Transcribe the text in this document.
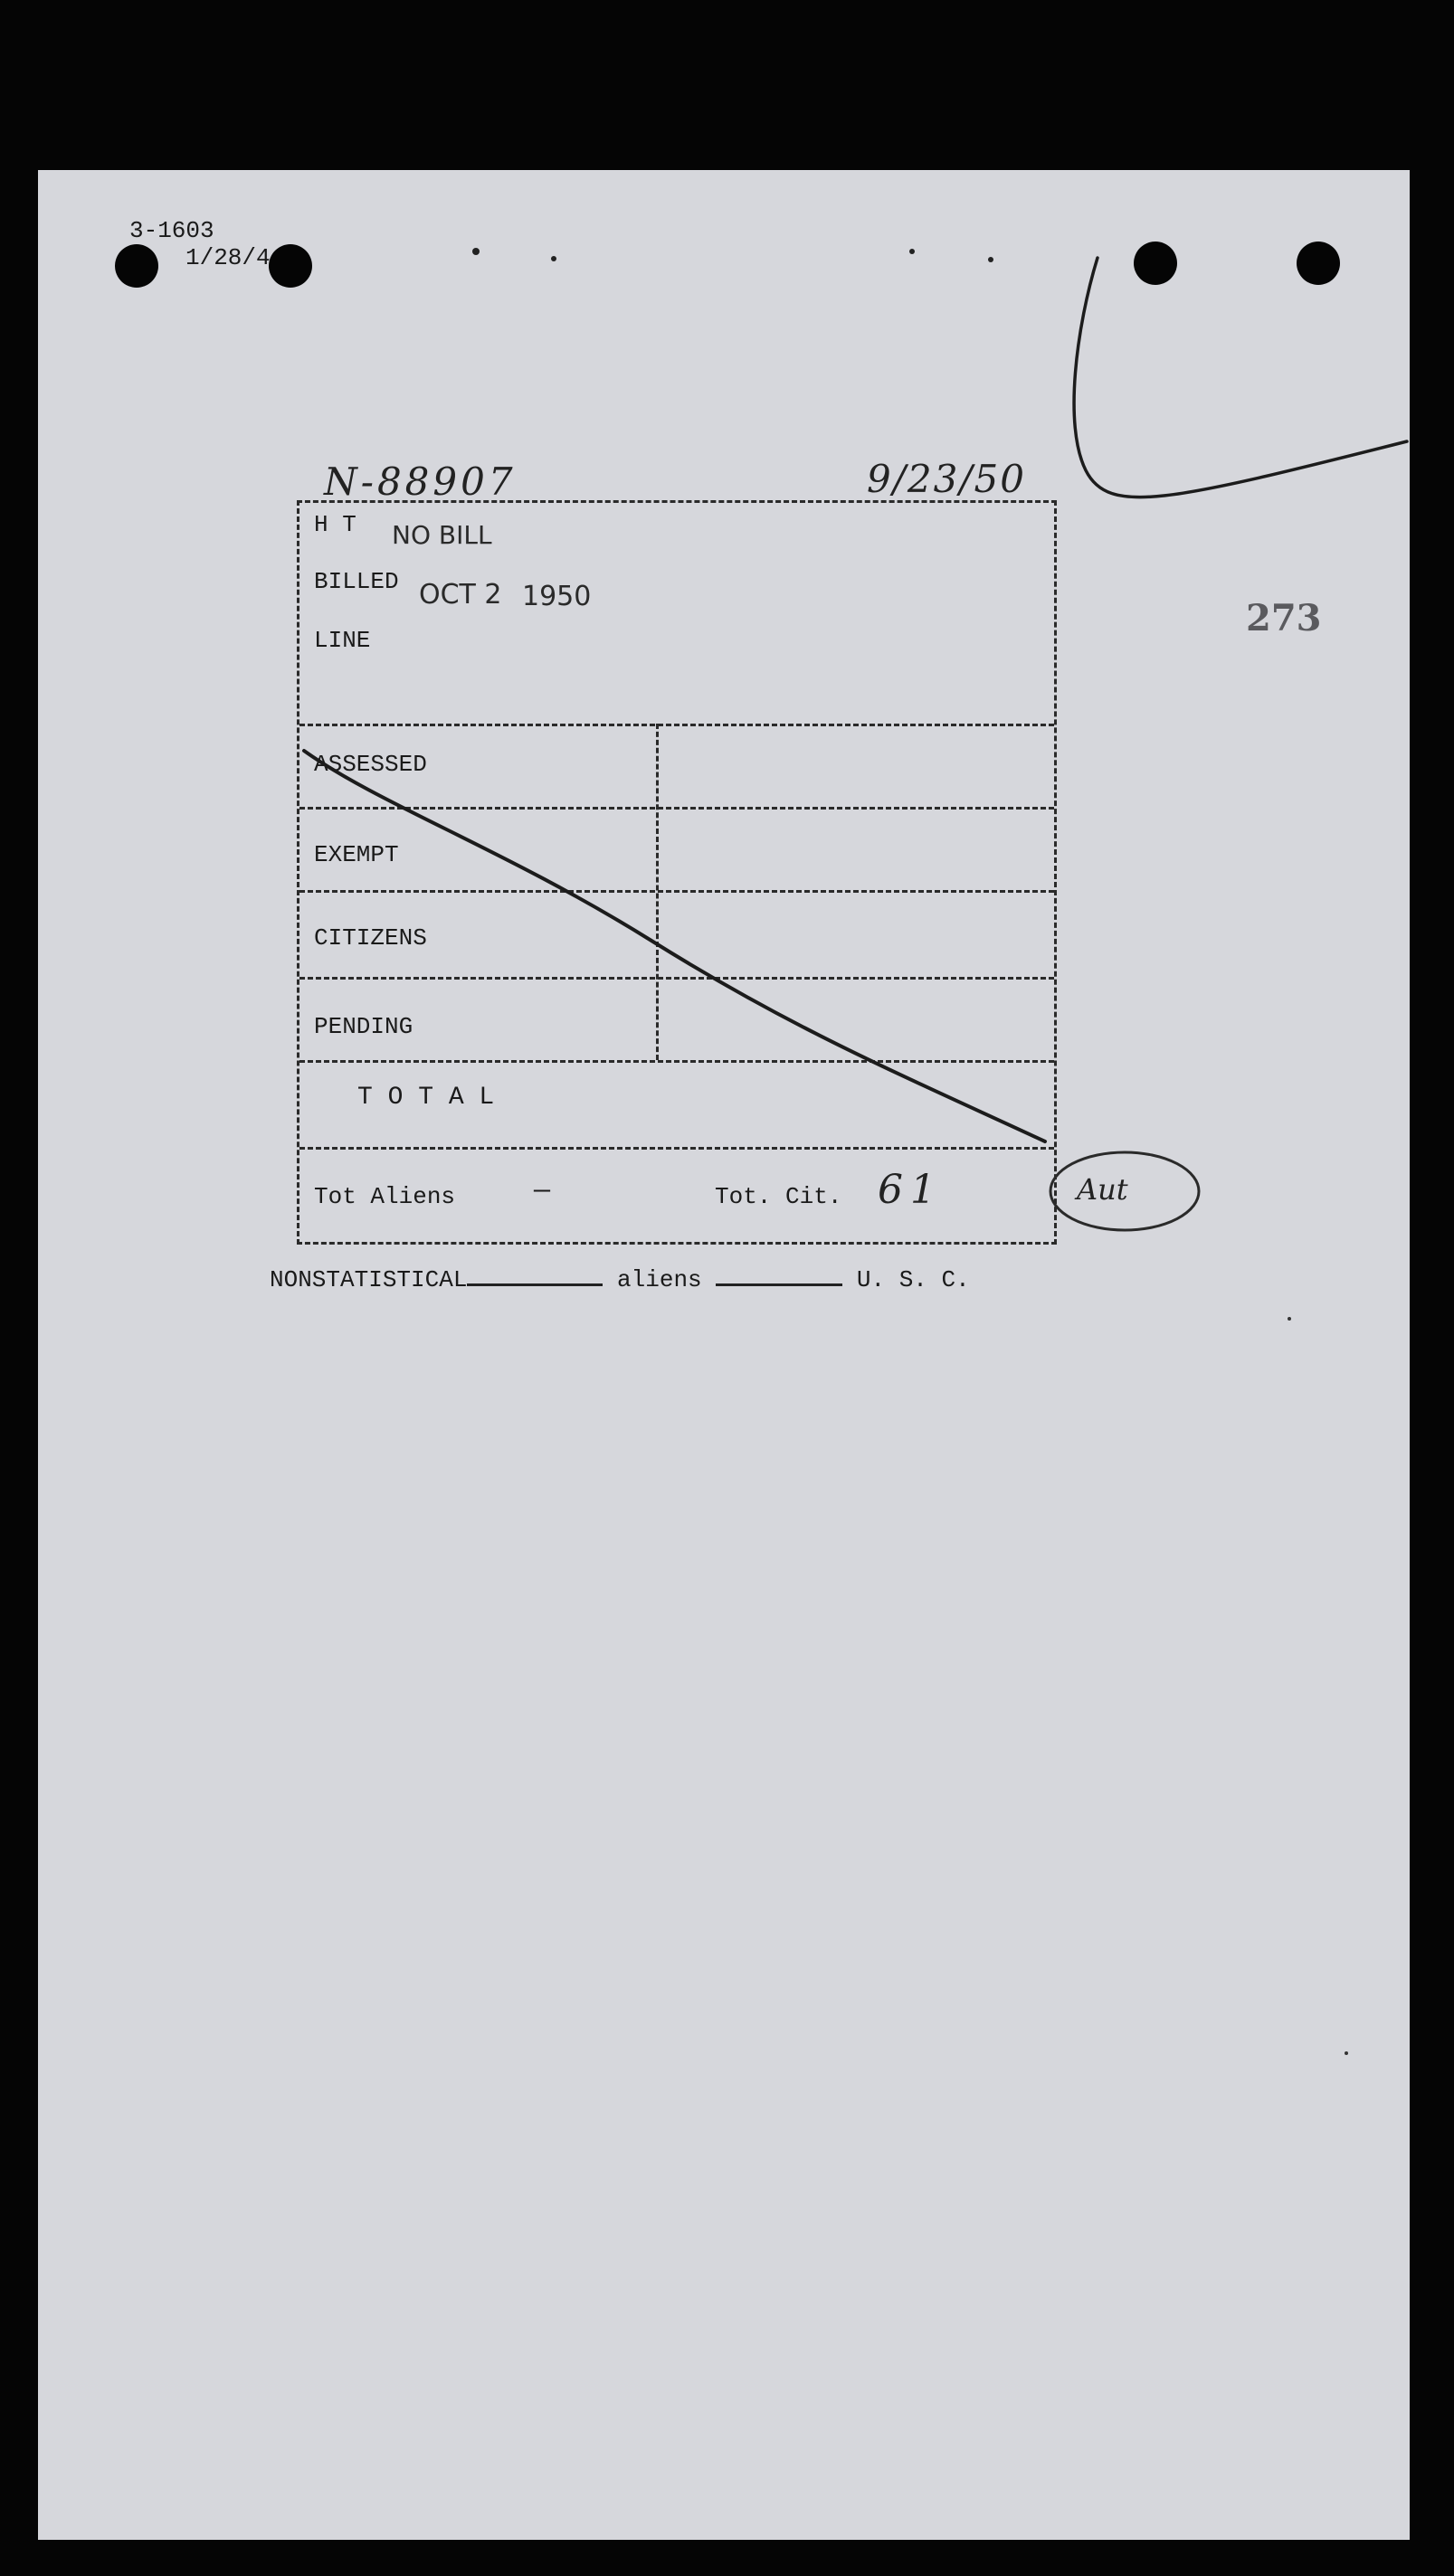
3-1603
1/28/4
N-88907	9/23/50
273
H T NO BILL
BILLED OCT 2 1950
LINE
ASSESSED
EXEMPT
CITIZENS
PENDING
T O T A L
Tot Aliens	—	Tot. Cit. 61
NONSTATISTICAL	aliens	U. S. C.
Aut
